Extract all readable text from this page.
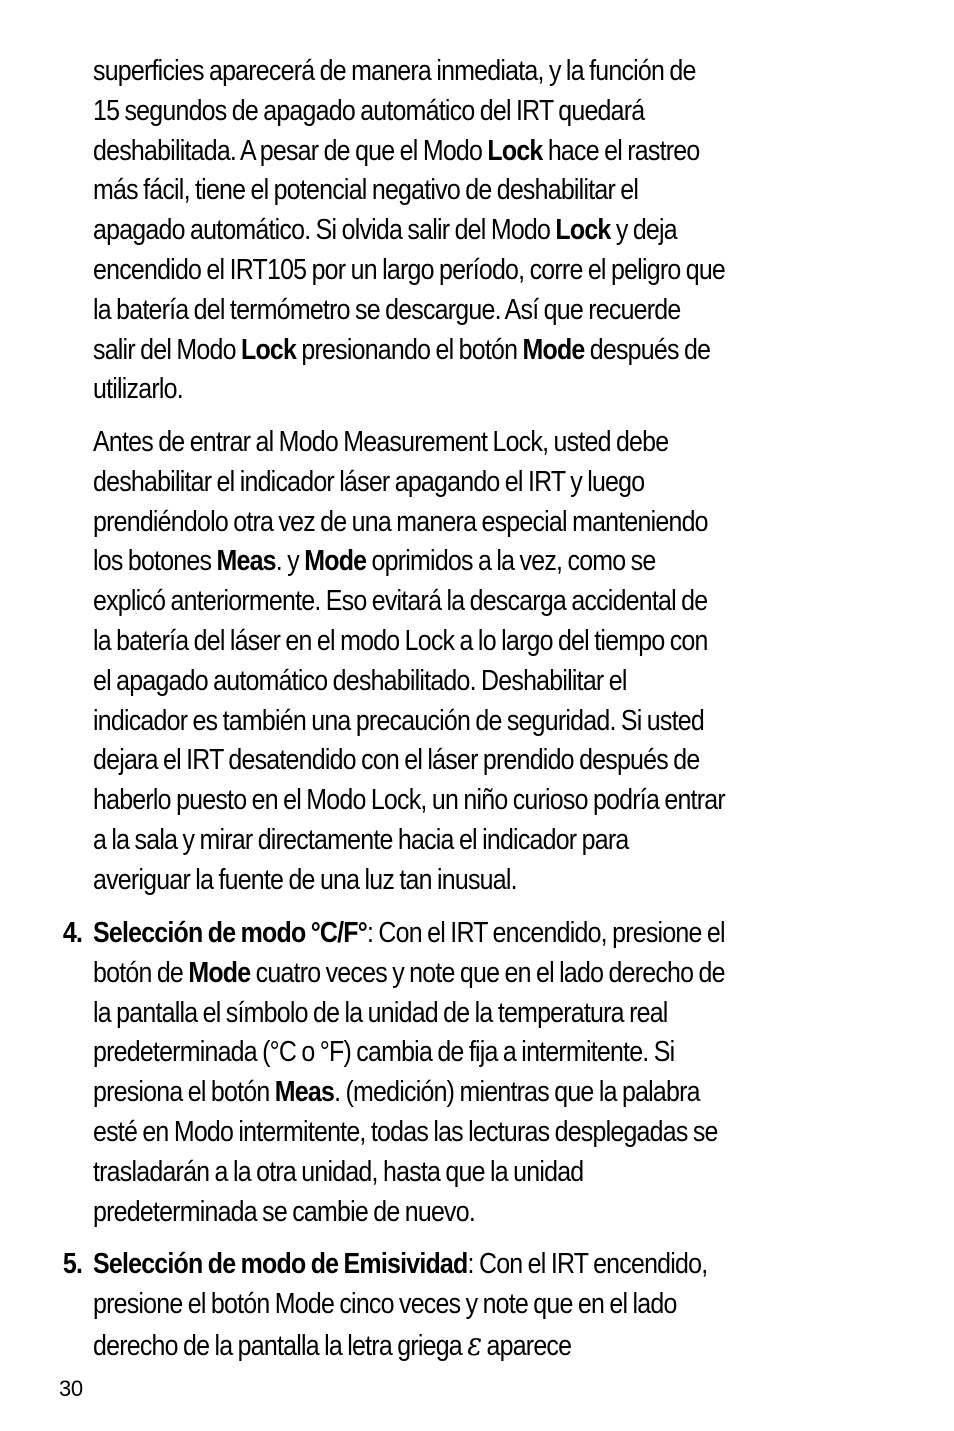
superficies aparecerá de manera inmediata, y la función de
15 segundos de apagado automático del IRT quedará
deshabilitada. A pesar de que el Modo Lock hace el rastreo
más fácil, tiene el potencial negativo de deshabilitar el
apagado automático. Si olvida salir del Modo Lock y deja
encendido el IRT105 por un largo período, corre el peligro que
la batería del termómetro se descargue. Así que recuerde
salir del Modo Lock presionando el botón Mode después de
utilizarlo.
Antes de entrar al Modo Measurement Lock, usted debe
deshabilitar el indicador láser apagando el IRT y luego
prendiéndolo otra vez de una manera especial manteniendo
los botones Meas. y Mode oprimidos a la vez, como se
explicó anteriormente. Eso evitará la descarga accidental de
la batería del láser en el modo Lock a lo largo del tiempo con
el apagado automático deshabilitado. Deshabilitar el
indicador es también una precaución de seguridad. Si usted
dejara el IRT desatendido con el láser prendido después de
haberlo puesto en el Modo Lock, un niño curioso podría entrar
a la sala y mirar directamente hacia el indicador para
averiguar la fuente de una luz tan inusual.
4. Selección de modo °C/F°: Con el IRT encendido, presione el
botón de Mode cuatro veces y note que en el lado derecho de
la pantalla el símbolo de la unidad de la temperatura real
predeterminada (°C o °F) cambia de fija a intermitente. Si
presiona el botón Meas. (medición) mientras que la palabra
esté en Modo intermitente, todas las lecturas desplegadas se
trasladarán a la otra unidad, hasta que la unidad
predeterminada se cambie de nuevo.
5. Selección de modo de Emisividad: Con el IRT encendido,
presione el botón Mode cinco veces y note que en el lado
derecho de la pantalla la letra griega ε aparece
30
